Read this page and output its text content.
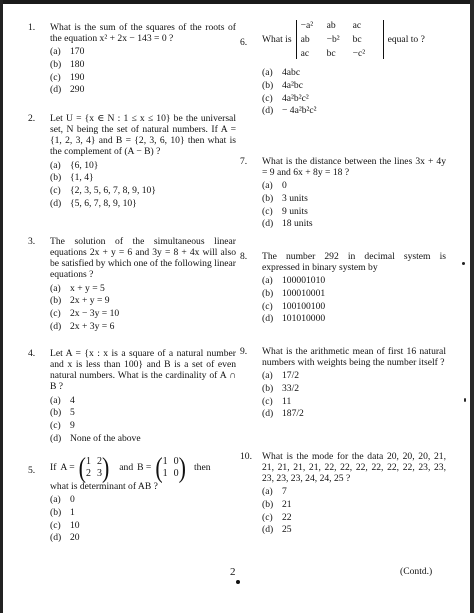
1.	What is the sum of the squares of the roots of the equation x² + 2x − 143 = 0 ?
(a) 170
(b) 180
(c) 190
(d) 290
2.	Let U = {x ∈ N : 1 ≤ x ≤ 10} be the universal set, N being the set of natural numbers. If A = {1, 2, 3, 4} and B = {2, 3, 6, 10} then what is the complement of (A − B) ?
(a) {6, 10}
(b) {1, 4}
(c) {2, 3, 5, 6, 7, 8, 9, 10}
(d) {5, 6, 7, 8, 9, 10}
3.	The solution of the simultaneous linear equations 2x + y = 6 and 3y = 8 + 4x will also be satisfied by which one of the following linear equations ?
(a) x + y = 5
(b) 2x + y = 9
(c) 2x − 3y = 10
(d) 2x + 3y = 6
4.	Let A = {x : x is a square of a natural number and x is less than 100} and B is a set of even natural numbers. What is the cardinality of A ∩ B ?
(a) 4
(b) 5
(c) 9
(d) None of the above
5.	If A = ( 1 2
2 3 ) and B = ( 1 0
1 0 ) then
what is determinant of AB ?
(a) 0
(b) 1
(c) 10
(d) 20
6.	What is
−a²	ab	ac
ab	−b²	bc
ac	bc	−c²
equal to ?
(a) 4abc
(b) 4a²bc
(c) 4a²b²c²
(d) − 4a²b²c²
7.	What is the distance between the lines 3x + 4y = 9 and 6x + 8y = 18 ?
(a) 0
(b) 3 units
(c) 9 units
(d) 18 units
8.	The number 292 in decimal system is expressed in binary system by
(a) 100001010
(b) 100010001
(c) 100100100
(d) 101010000
9.	What is the arithmetic mean of first 16 natural numbers with weights being the number itself ?
(a) 17/2
(b) 33/2
(c) 11
(d) 187/2
10.	What is the mode for the data 20, 20, 20, 21, 21, 21, 21, 21, 22, 22, 22, 22, 22, 22, 23, 23, 23, 23, 23, 24, 24, 25 ?
(a) 7
(b) 21
(c) 22
(d) 25
2	(Contd.)
